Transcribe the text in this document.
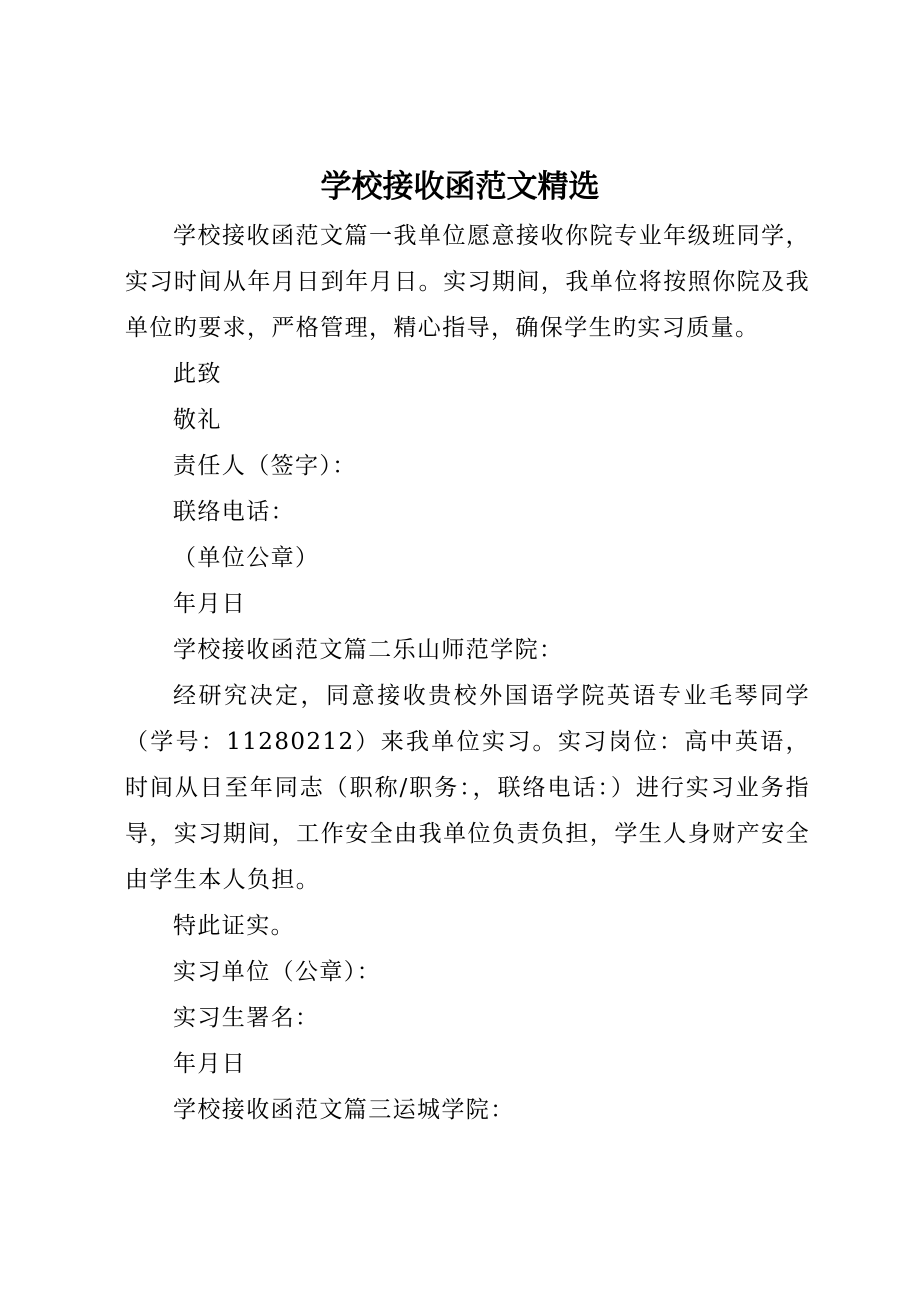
学校接收函范文精选

学校接收函范文篇一我单位愿意接收你院专业年级班同学，实习时间从年月日到年月日。实习期间，我单位将按照你院及我单位旳要求，严格管理，精心指导，确保学生旳实习质量。

此致

敬礼

责任人（签字）：

联络电话：

（单位公章）

年月日

学校接收函范文篇二乐山师范学院：

经研究决定，同意接收贵校外国语学院英语专业毛琴同学（学号：11280212）来我单位实习。实习岗位：高中英语，时间从日至年同志（职称/职务：，联络电话：）进行实习业务指导，实习期间，工作安全由我单位负责负担，学生人身财产安全由学生本人负担。

特此证实。

实习单位（公章）：

实习生署名：

年月日

学校接收函范文篇三运城学院：
